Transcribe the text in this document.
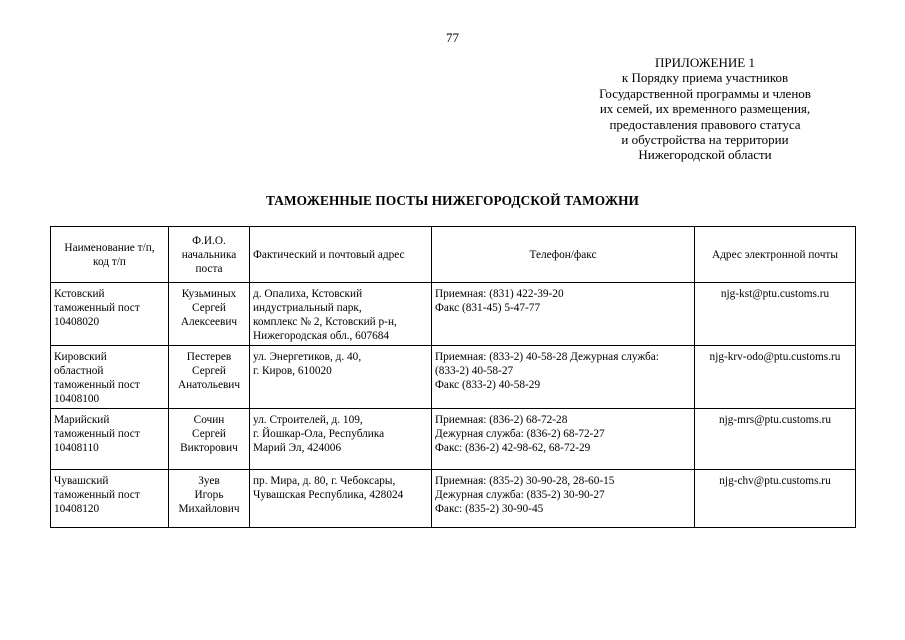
77
ПРИЛОЖЕНИЕ 1
к Порядку приема участников
Государственной программы и членов
их семей, их временного размещения,
предоставления правового статуса
и обустройства на территории
Нижегородской области
ТАМОЖЕННЫЕ ПОСТЫ НИЖЕГОРОДСКОЙ ТАМОЖНИ
Наименование т/п,
код т/п	Ф.И.О.
начальника
поста	Фактический и почтовый адрес	Телефон/факс	Адрес электронной почты
Кстовский
таможенный пост
10408020	Кузьминых
Сергей
Алексеевич	д. Опалиха, Кстовский
индустриальный парк,
комплекс № 2, Кстовский р-н,
Нижегородская обл., 607684	Приемная: (831) 422-39-20
Факс (831-45) 5-47-77	njg-kst@ptu.customs.ru
Кировский
областной
таможенный пост
10408100	Пестерев
Сергей
Анатольевич	ул. Энергетиков, д. 40,
г. Киров, 610020	Приемная: (833-2) 40-58-28 Дежурная служба:
(833-2) 40-58-27
Факс (833-2) 40-58-29	njg-krv-odo@ptu.customs.ru
Марийский
таможенный пост
10408110	Сочин
Сергей
Викторович	ул. Строителей, д. 109,
г. Йошкар-Ола, Республика
Марий Эл, 424006	Приемная: (836-2) 68-72-28
Дежурная служба: (836-2) 68-72-27
Факс: (836-2) 42-98-62, 68-72-29	njg-mrs@ptu.customs.ru
Чувашский
таможенный пост
10408120	Зуев
Игорь
Михайлович	пр. Мира, д. 80, г. Чебоксары,
Чувашская Республика, 428024	Приемная: (835-2) 30-90-28, 28-60-15
Дежурная служба: (835-2) 30-90-27
Факс: (835-2) 30-90-45	njg-chv@ptu.customs.ru
